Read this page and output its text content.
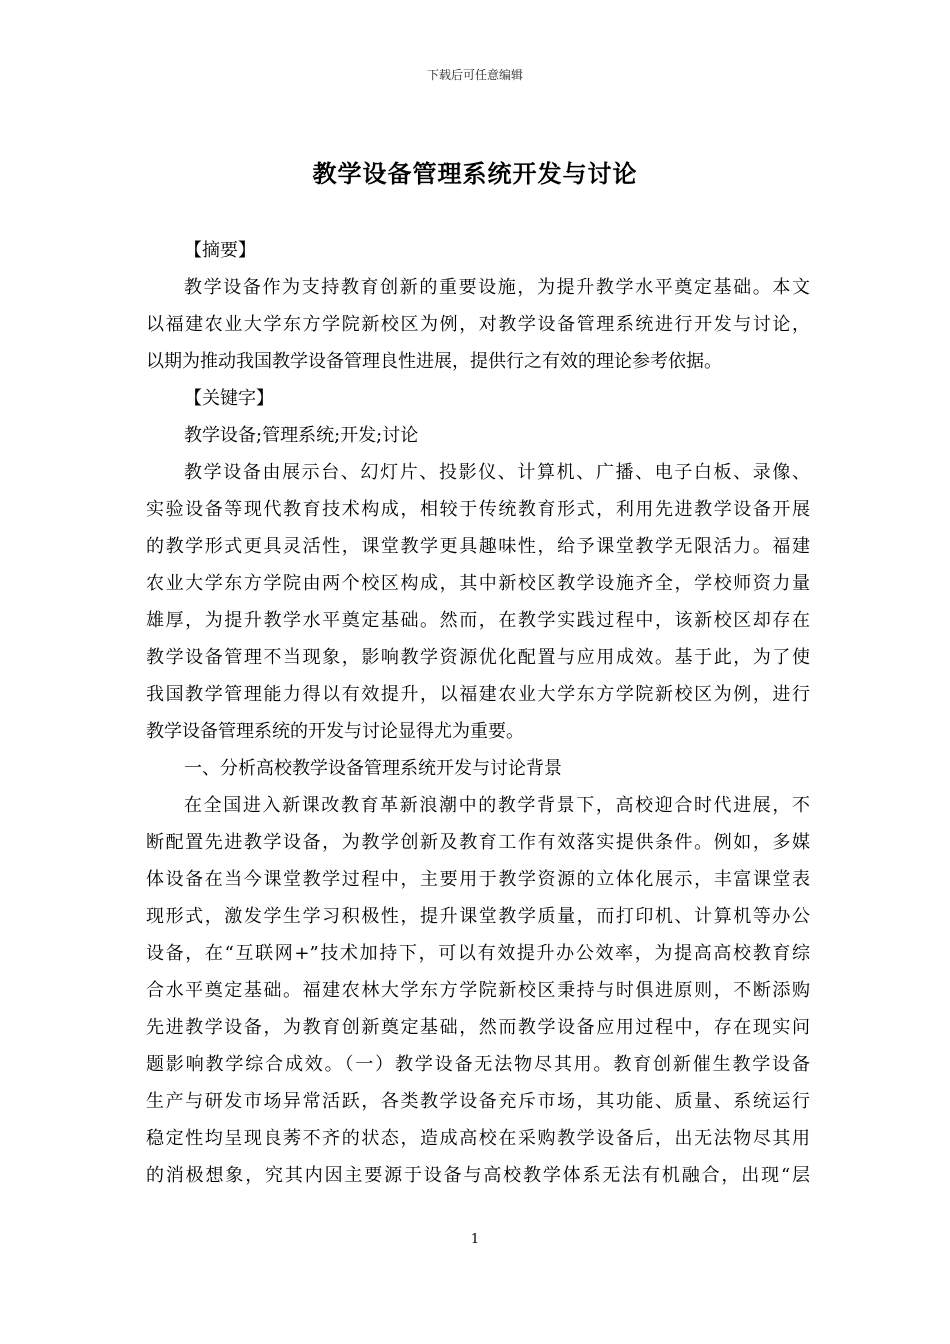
下载后可任意编辑
教学设备管理系统开发与讨论
【摘要】
教学设备作为支持教育创新的重要设施，为提升教学水平奠定基础。本文
以福建农业大学东方学院新校区为例，对教学设备管理系统进行开发与讨论，
以期为推动我国教学设备管理良性进展，提供行之有效的理论参考依据。
【关键字】
教学设备;管理系统;开发;讨论
教学设备由展示台、幻灯片、投影仪、计算机、广播、电子白板、录像、
实验设备等现代教育技术构成，相较于传统教育形式，利用先进教学设备开展
的教学形式更具灵活性，课堂教学更具趣味性，给予课堂教学无限活力。福建
农业大学东方学院由两个校区构成，其中新校区教学设施齐全，学校师资力量
雄厚，为提升教学水平奠定基础。然而，在教学实践过程中，该新校区却存在
教学设备管理不当现象，影响教学资源优化配置与应用成效。基于此，为了使
我国教学管理能力得以有效提升，以福建农业大学东方学院新校区为例，进行
教学设备管理系统的开发与讨论显得尤为重要。
一、分析高校教学设备管理系统开发与讨论背景
在全国进入新课改教育革新浪潮中的教学背景下，高校迎合时代进展，不
断配置先进教学设备，为教学创新及教育工作有效落实提供条件。例如，多媒
体设备在当今课堂教学过程中，主要用于教学资源的立体化展示，丰富课堂表
现形式，激发学生学习积极性，提升课堂教学质量，而打印机、计算机等办公
设备，在“互联网+”技术加持下，可以有效提升办公效率，为提高高校教育综
合水平奠定基础。福建农林大学东方学院新校区秉持与时俱进原则，不断添购
先进教学设备，为教育创新奠定基础，然而教学设备应用过程中，存在现实问
题影响教学综合成效。（一）教学设备无法物尽其用。教育创新催生教学设备
生产与研发市场异常活跃，各类教学设备充斥市场，其功能、质量、系统运行
稳定性均呈现良莠不齐的状态，造成高校在采购教学设备后，出无法物尽其用
的消极想象，究其内因主要源于设备与高校教学体系无法有机融合，出现“层
1
